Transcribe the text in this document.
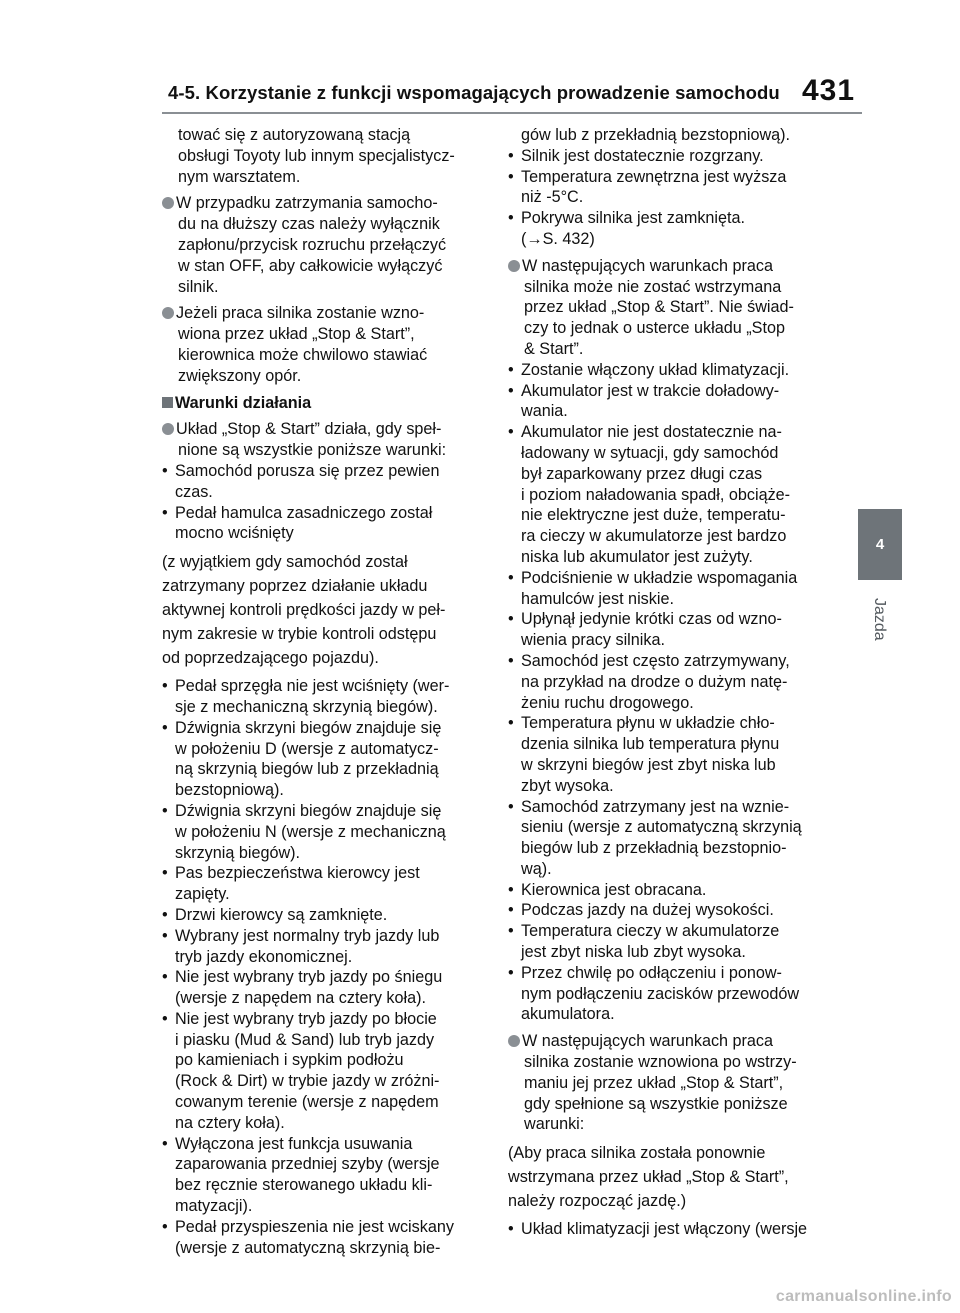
4-5. Korzystanie z funkcji wspomagających prowadzenie samochodu 431
4
Jazda
tować się z autoryzowaną stacją
obsługi Toyoty lub innym specjalistycz-
nym warsztatem.
W przypadku zatrzymania samocho-
du na dłuższy czas należy wyłącznik
zapłonu/przycisk rozruchu przełączyć
w stan OFF, aby całkowicie wyłączyć
silnik.
Jeżeli praca silnika zostanie wzno-
wiona przez układ „Stop & Start”,
kierownica może chwilowo stawiać
zwiększony opór.
Warunki działania
Układ „Stop & Start” działa, gdy speł-
nione są wszystkie poniższe warunki:
• Samochód porusza się przez pewien
czas.
• Pedał hamulca zasadniczego został
mocno wciśnięty
(z wyjątkiem gdy samochód został
zatrzymany poprzez działanie układu
aktywnej kontroli prędkości jazdy w peł-
nym zakresie w trybie kontroli odstępu
od poprzedzającego pojazdu).
• Pedał sprzęgła nie jest wciśnięty (wer-
sje z mechaniczną skrzynią biegów).
• Dźwignia skrzyni biegów znajduje się
w położeniu D (wersje z automatycz-
ną skrzynią biegów lub z przekładnią
bezstopniową).
• Dźwignia skrzyni biegów znajduje się
w położeniu N (wersje z mechaniczną
skrzynią biegów).
• Pas bezpieczeństwa kierowcy jest
zapięty.
• Drzwi kierowcy są zamknięte.
• Wybrany jest normalny tryb jazdy lub
tryb jazdy ekonomicznej.
• Nie jest wybrany tryb jazdy po śniegu
(wersje z napędem na cztery koła).
• Nie jest wybrany tryb jazdy po błocie
i piasku (Mud & Sand) lub tryb jazdy
po kamieniach i sypkim podłożu
(Rock & Dirt) w trybie jazdy w zróżni-
cowanym terenie (wersje z napędem
na cztery koła).
• Wyłączona jest funkcja usuwania
zaparowania przedniej szyby (wersje
bez ręcznie sterowanego układu kli-
matyzacji).
• Pedał przyspieszenia nie jest wciskany
(wersje z automatyczną skrzynią bie-
gów lub z przekładnią bezstopniową).
• Silnik jest dostatecznie rozgrzany.
• Temperatura zewnętrzna jest wyższa
niż -5°C.
• Pokrywa silnika jest zamknięta.
(→S. 432)
W następujących warunkach praca
silnika może nie zostać wstrzymana
przez układ „Stop & Start”. Nie świad-
czy to jednak o usterce układu „Stop
& Start”.
• Zostanie włączony układ klimatyzacji.
• Akumulator jest w trakcie doładowy-
wania.
• Akumulator nie jest dostatecznie na-
ładowany w sytuacji, gdy samochód
był zaparkowany przez długi czas
i poziom naładowania spadł, obciąże-
nie elektryczne jest duże, temperatu-
ra cieczy w akumulatorze jest bardzo
niska lub akumulator jest zużyty.
• Podciśnienie w układzie wspomagania
hamulców jest niskie.
• Upłynął jedynie krótki czas od wzno-
wienia pracy silnika.
• Samochód jest często zatrzymywany,
na przykład na drodze o dużym natę-
żeniu ruchu drogowego.
• Temperatura płynu w układzie chło-
dzenia silnika lub temperatura płynu
w skrzyni biegów jest zbyt niska lub
zbyt wysoka.
• Samochód zatrzymany jest na wznie-
sieniu (wersje z automatyczną skrzynią
biegów lub z przekładnią bezstopnio-
wą).
• Kierownica jest obracana.
• Podczas jazdy na dużej wysokości.
• Temperatura cieczy w akumulatorze
jest zbyt niska lub zbyt wysoka.
• Przez chwilę po odłączeniu i ponow-
nym podłączeniu zacisków przewodów
akumulatora.
W następujących warunkach praca
silnika zostanie wznowiona po wstrzy-
maniu jej przez układ „Stop & Start”,
gdy spełnione są wszystkie poniższe
warunki:
(Aby praca silnika została ponownie
wstrzymana przez układ „Stop & Start”,
należy rozpocząć jazdę.)
• Układ klimatyzacji jest włączony (wersje
carmanualsonline.info
